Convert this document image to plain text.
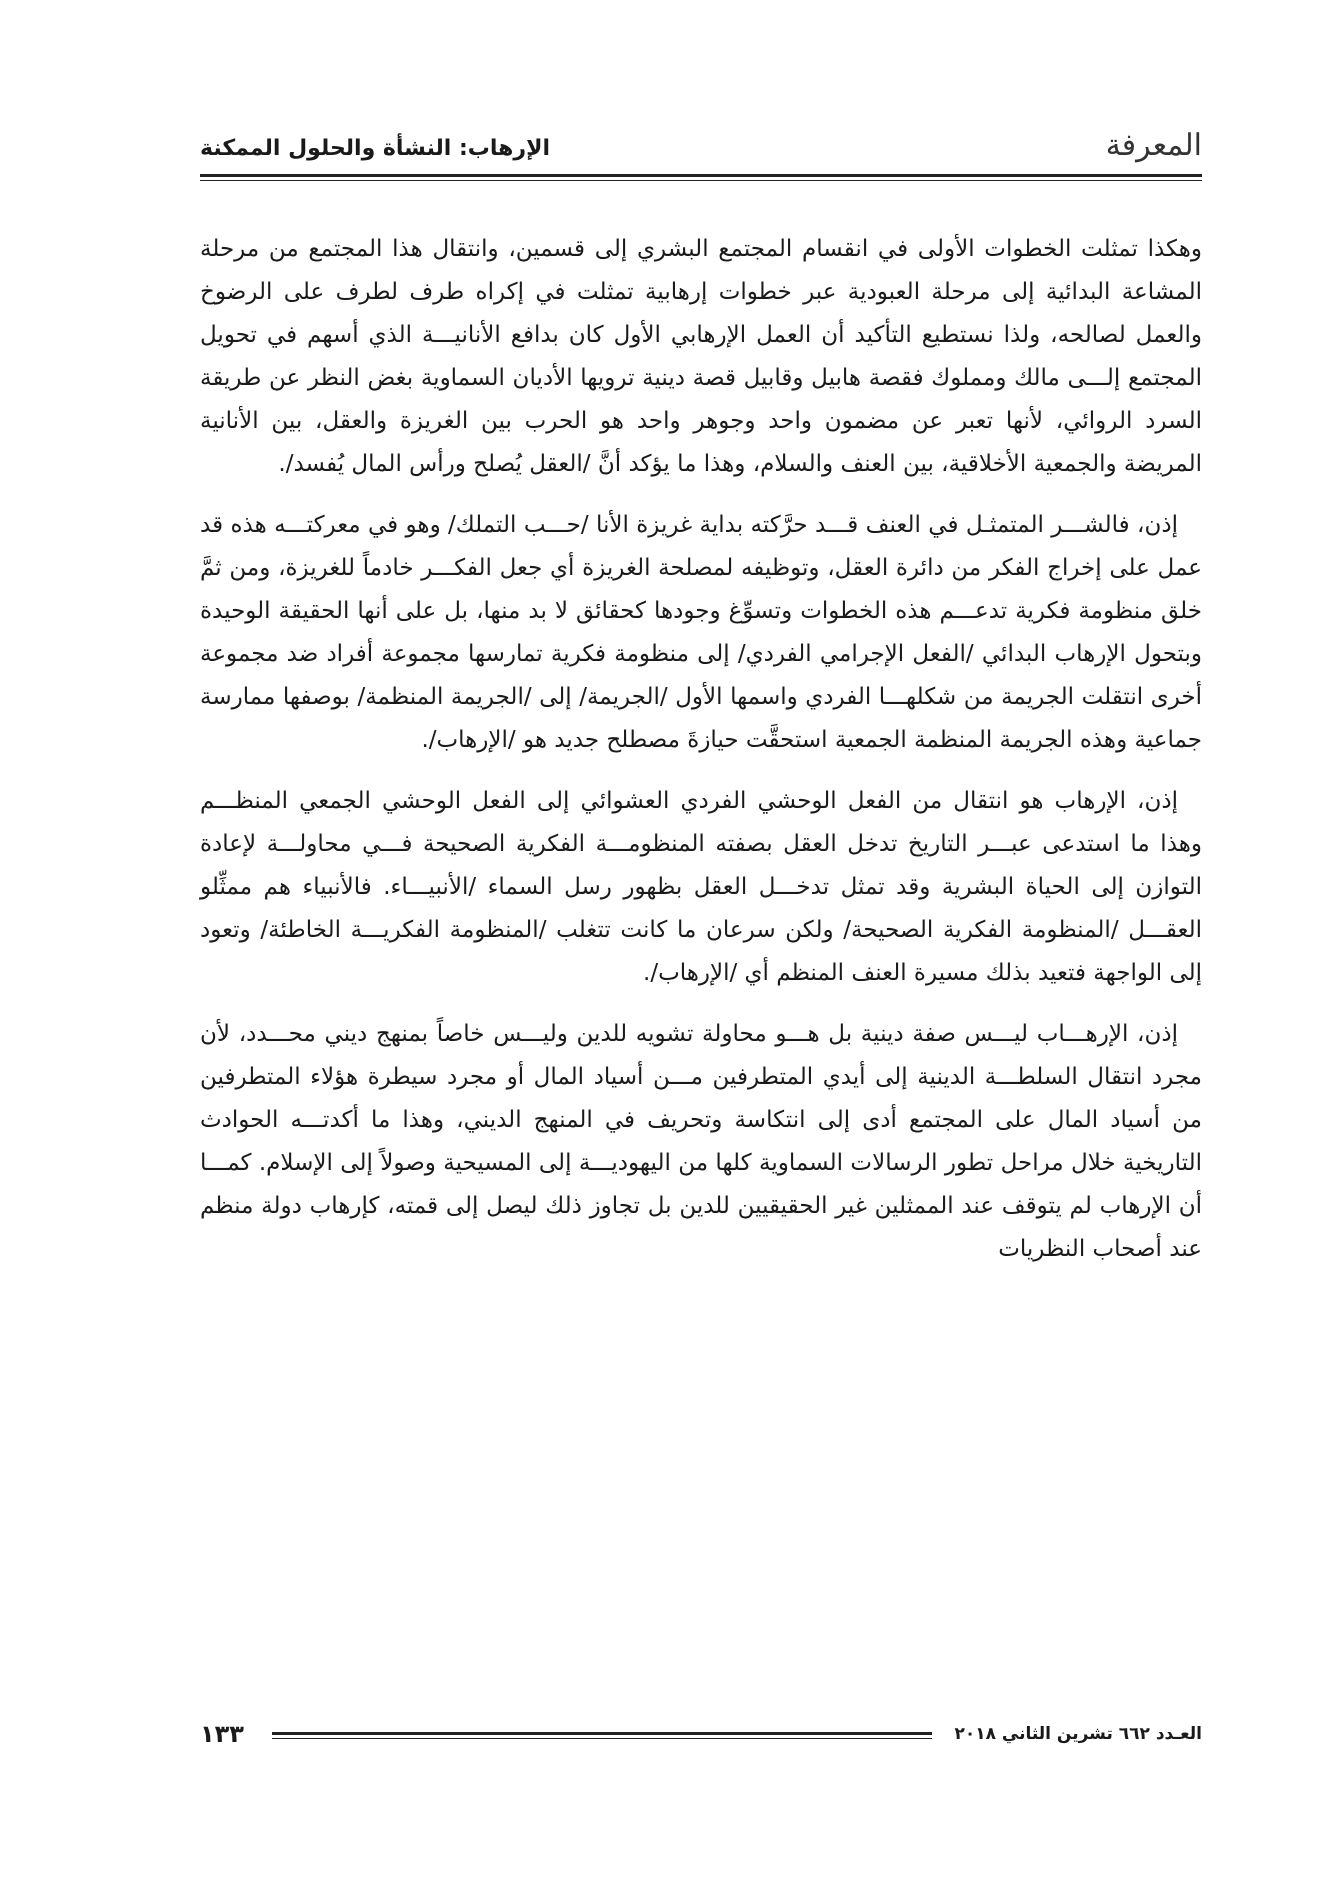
المعرفة
الإرهاب: النشأة والحلول الممكنة

وهكذا تمثلت الخطوات الأولى في انقسام المجتمع البشري إلى قسمين، وانتقال هذا المجتمع من مرحلة المشاعة البدائية إلى مرحلة العبودية عبر خطوات إرهابية تمثلت في إكراه طرف لطرف على الرضوخ والعمل لصالحه، ولذا نستطيع التأكيد أن العمل الإرهابي الأول كان بدافع الأنانيـــة الذي أسهم في تحويل المجتمع إلـــى مالك ومملوك فقصة هابيل وقابيل قصة دينية ترويها الأديان السماوية بغض النظر عن طريقة السرد الروائي، لأنها تعبر عن مضمون واحد وجوهر واحد هو الحرب بين الغريزة والعقل، بين الأنانية المريضة والجمعية الأخلاقية، بين العنف والسلام، وهذا ما يؤكد أنَّ /العقل يُصلح ورأس المال يُفسد/.

إذن، فالشـــر المتمثـل في العنف قـــد حرَّكته بداية غريزة الأنا /حـــب التملك/ وهو في معركتـــه هذه قد عمل على إخراج الفكر من دائرة العقل، وتوظيفه لمصلحة الغريزة أي جعل الفكـــر خادماً للغريزة، ومن ثمَّ خلق منظومة فكرية تدعـــم هذه الخطوات وتسوِّغ وجودها كحقائق لا بد منها، بل على أنها الحقيقة الوحيدة وبتحول الإرهاب البدائي /الفعل الإجرامي الفردي/ إلى منظومة فكرية تمارسها مجموعة أفراد ضد مجموعة أخرى انتقلت الجريمة من شكلهـــا الفردي واسمها الأول /الجريمة/ إلى /الجريمة المنظمة/ بوصفها ممارسة جماعية وهذه الجريمة المنظمة الجمعية استحقَّت حيازةَ مصطلح جديد هو /الإرهاب/.

إذن، الإرهاب هو انتقال من الفعل الوحشي الفردي العشوائي إلى الفعل الوحشي الجمعي المنظـــم وهذا ما استدعى عبـــر التاريخ تدخل العقل بصفته المنظومـــة الفكرية الصحيحة فـــي محاولـــة لإعادة التوازن إلى الحياة البشرية وقد تمثل تدخـــل العقل بظهور رسل السماء /الأنبيـــاء. فالأنبياء هم ممثِّلو العقـــل /المنظومة الفكرية الصحيحة/ ولكن سرعان ما كانت تتغلب /المنظومة الفكريـــة الخاطئة/ وتعود إلى الواجهة فتعيد بذلك مسيرة العنف المنظم أي /الإرهاب/.

إذن، الإرهـــاب ليـــس صفة دينية بل هـــو محاولة تشويه للدين وليـــس خاصاً بمنهج ديني محـــدد، لأن مجرد انتقال السلطـــة الدينية إلى أيدي المتطرفين مـــن أسياد المال أو مجرد سيطرة هؤلاء المتطرفين من أسياد المال على المجتمع أدى إلى انتكاسة وتحريف في المنهج الديني، وهذا ما أكدتـــه الحوادث التاريخية خلال مراحل تطور الرسالات السماوية كلها من اليهوديـــة إلى المسيحية وصولاً إلى الإسلام. كمـــا أن الإرهاب لم يتوقف عند الممثلين غير الحقيقيين للدين بل تجاوز ذلك ليصل إلى قمته، كإرهاب دولة منظم عند أصحاب النظريات

العـدد ٦٦٢ تشرين الثاني ٢٠١٨
١٣٣
